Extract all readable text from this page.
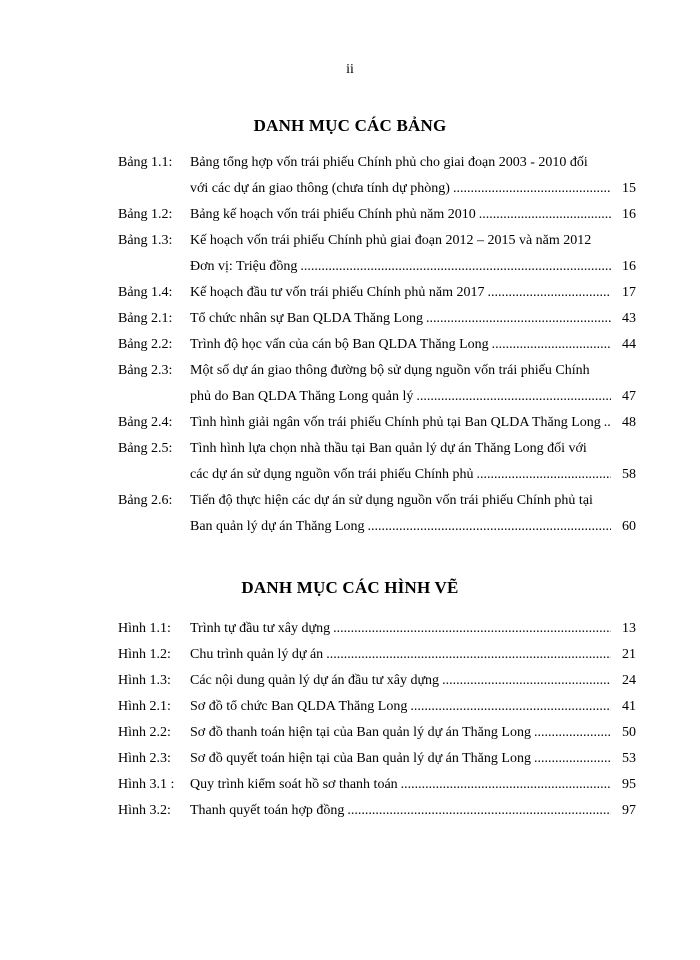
ii
DANH MỤC CÁC BẢNG
Bảng 1.1:	Bảng tổng hợp vốn trái phiếu Chính phủ cho giai đoạn 2003 - 2010 đối
với các dự án giao thông (chưa tính dự phòng) .....	15
Bảng 1.2:	Bảng kế hoạch vốn trái phiếu Chính phủ năm 2010 .....	16
Bảng 1.3:	Kế hoạch vốn trái phiếu Chính phủ giai đoạn 2012 – 2015 và năm 2012
Đơn vị: Triệu đồng .....	16
Bảng 1.4:	Kế hoạch đầu tư vốn trái phiếu Chính phủ năm 2017 .....	17
Bảng 2.1:	Tổ chức nhân sự Ban QLDA Thăng Long .....	43
Bảng 2.2:	Trình độ học vấn của cán bộ Ban QLDA Thăng Long .....	44
Bảng 2.3:	Một số dự án giao thông đường bộ sử dụng nguồn vốn trái phiếu Chính
phủ do Ban QLDA Thăng Long quản lý .....	47
Bảng 2.4:	Tình hình giải ngân vốn trái phiếu Chính phủ tại Ban QLDA Thăng Long .....	48
Bảng 2.5:	Tình hình lựa chọn nhà thầu tại Ban quản lý dự án Thăng Long đối với
các dự án sử dụng nguồn vốn trái phiếu Chính phủ .....	58
Bảng 2.6:	Tiến độ thực hiện các dự án sử dụng nguồn vốn trái phiếu Chính phủ tại
Ban quản lý dự án Thăng Long .....	60
DANH MỤC CÁC HÌNH VẼ
Hình 1.1:	Trình tự đầu tư xây dựng .....	13
Hình 1.2:	Chu trình quản lý dự án .....	21
Hình 1.3:	Các nội dung quản lý dự án đầu tư xây dựng .....	24
Hình 2.1:	Sơ đồ tổ chức Ban QLDA Thăng Long .....	41
Hình 2.2:	Sơ đồ thanh toán hiện tại của Ban quản lý dự án Thăng Long .....	50
Hình 2.3:	Sơ đồ quyết toán hiện tại của Ban quản lý dự án Thăng Long .....	53
Hình 3.1 :	Quy trình kiểm soát hồ sơ thanh toán .....	95
Hình 3.2:	Thanh quyết toán hợp đồng .....	97
